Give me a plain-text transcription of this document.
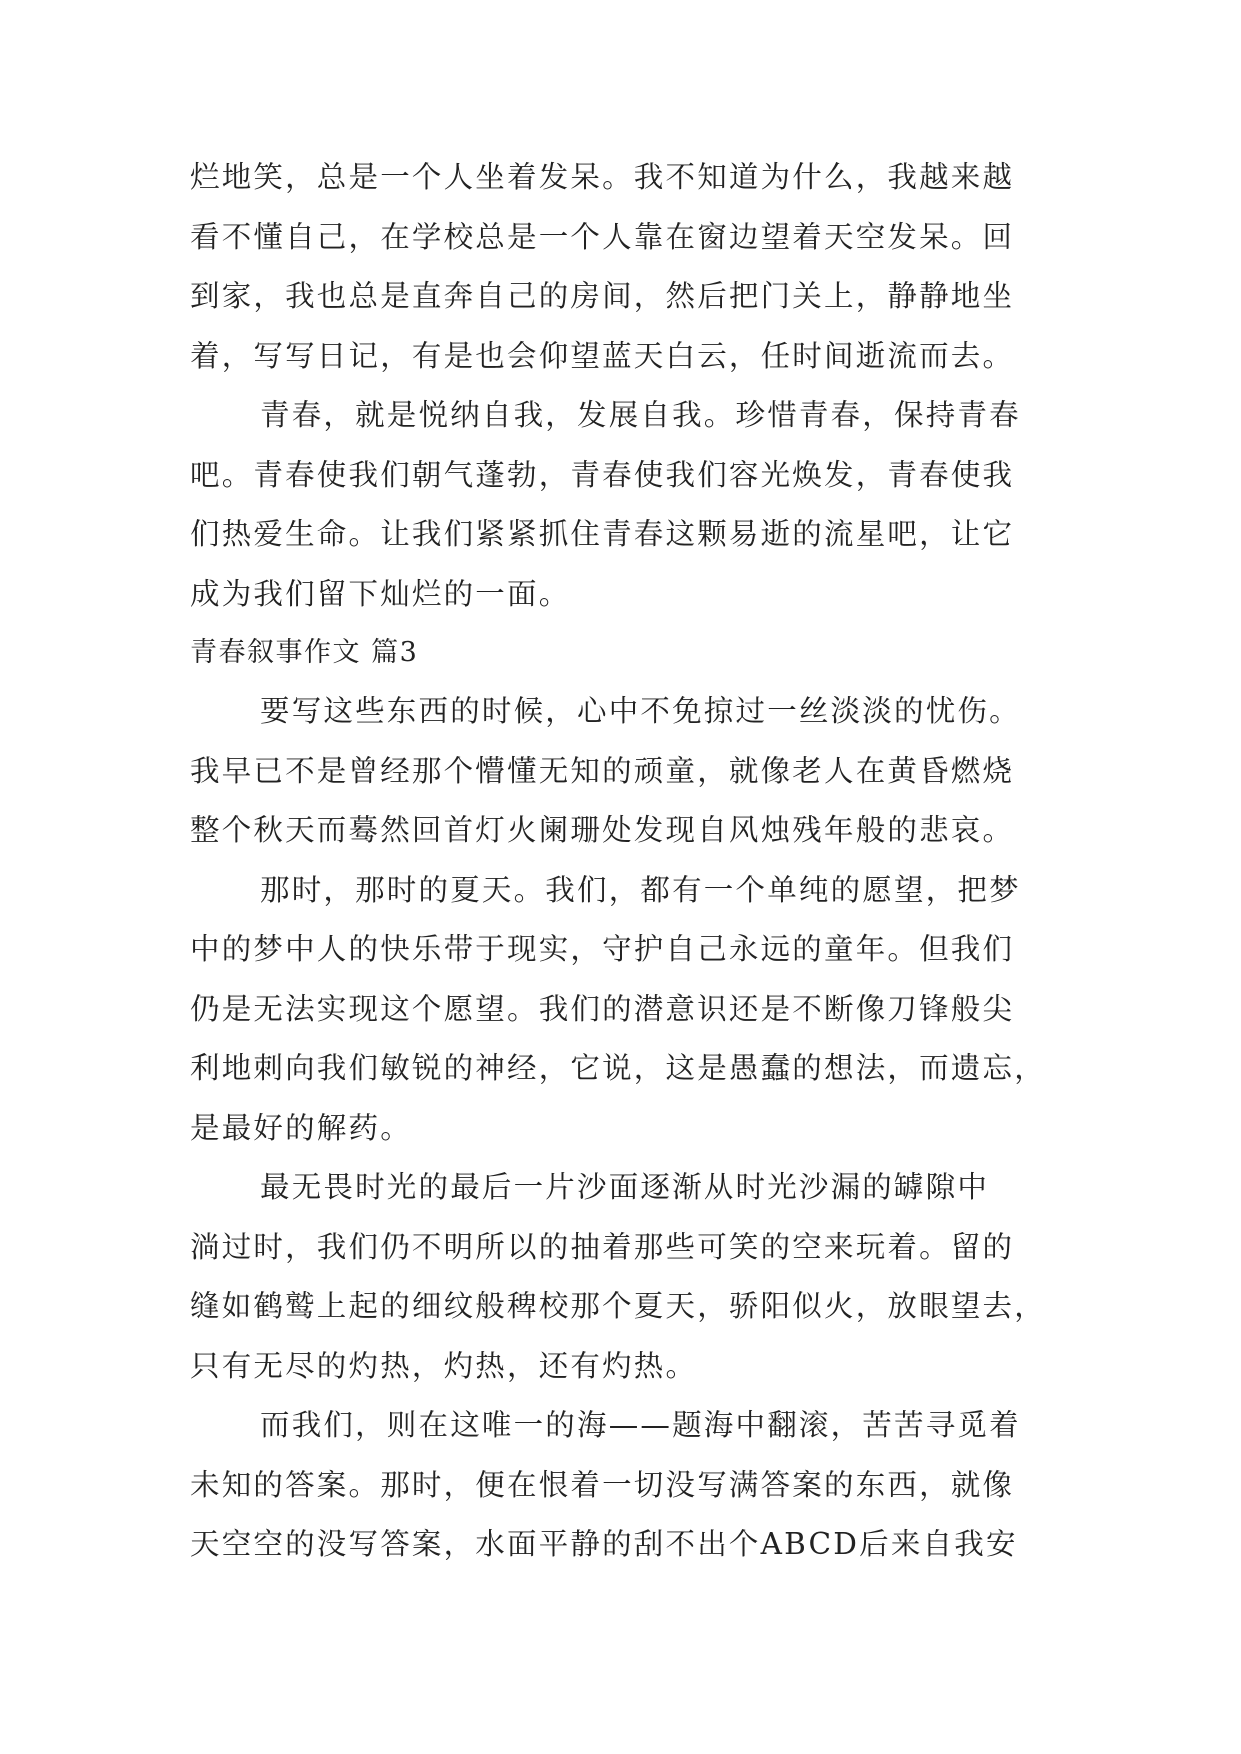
烂地笑，总是一个人坐着发呆。我不知道为什么，我越来越
看不懂自己，在学校总是一个人靠在窗边望着天空发呆。回
到家，我也总是直奔自己的房间，然后把门关上，静静地坐
着，写写日记，有是也会仰望蓝天白云，任时间逝流而去。
青春，就是悦纳自我，发展自我。珍惜青春，保持青春
吧。青春使我们朝气蓬勃，青春使我们容光焕发，青春使我
们热爱生命。让我们紧紧抓住青春这颗易逝的流星吧，让它
成为我们留下灿烂的一面。
青春叙事作文 篇3
要写这些东西的时候，心中不免掠过一丝淡淡的忧伤。
我早已不是曾经那个懵懂无知的顽童，就像老人在黄昏燃烧
整个秋天而蓦然回首灯火阑珊处发现自风烛残年般的悲哀。
那时，那时的夏天。我们，都有一个单纯的愿望，把梦
中的梦中人的快乐带于现实，守护自己永远的童年。但我们
仍是无法实现这个愿望。我们的潜意识还是不断像刀锋般尖
利地刺向我们敏锐的神经，它说，这是愚蠢的想法，而遗忘，
是最好的解药。
最无畏时光的最后一片沙面逐渐从时光沙漏的罅隙中
淌过时，我们仍不明所以的抽着那些可笑的空来玩着。留的
缝如鹤鹫上起的细纹般稗校那个夏天，骄阳似火，放眼望去，
只有无尽的灼热，灼热，还有灼热。
而我们，则在这唯一的海——题海中翻滚，苦苦寻觅着
未知的答案。那时，便在恨着一切没写满答案的东西，就像
天空空的没写答案，水面平静的刮不出个ABCD后来自我安
